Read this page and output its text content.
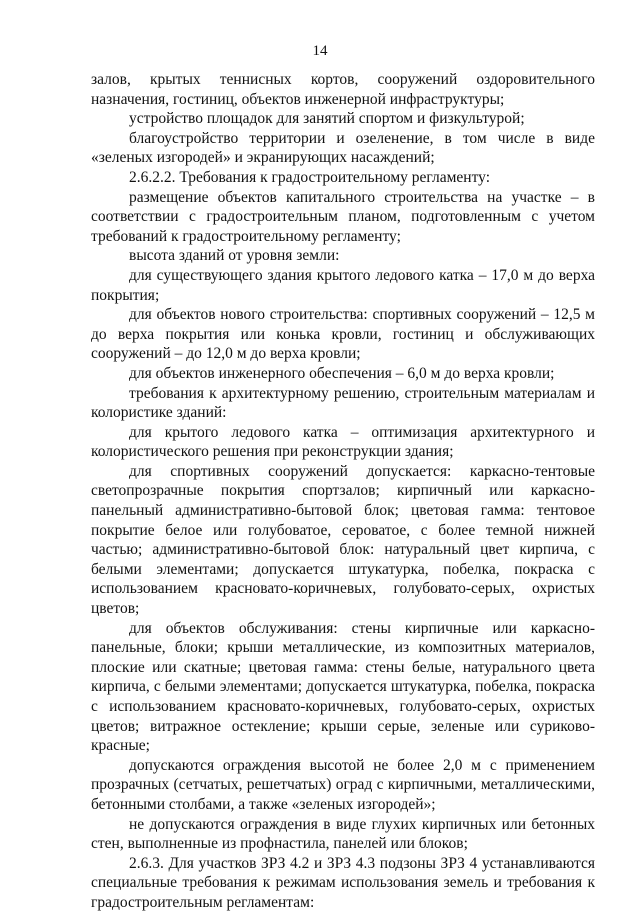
14

залов, крытых теннисных кортов, сооружений оздоровительного назначения, гостиниц, объектов инженерной инфраструктуры;

устройство площадок для занятий спортом и физкультурой;

благоустройство территории и озеленение, в том числе в виде «зеленых изгородей» и экранирующих насаждений;

2.6.2.2. Требования к градостроительному регламенту:

размещение объектов капитального строительства на участке – в соответствии с градостроительным планом, подготовленным с учетом требований к градостроительному регламенту;

высота зданий от уровня земли:

для существующего здания крытого ледового катка – 17,0 м до верха покрытия;

для объектов нового строительства: спортивных сооружений – 12,5 м до верха покрытия или конька кровли, гостиниц и обслуживающих сооружений – до 12,0 м до верха кровли;

для объектов инженерного обеспечения – 6,0 м до верха кровли;

требования к архитектурному решению, строительным материалам и колористике зданий:

для крытого ледового катка – оптимизация архитектурного и колористического решения при реконструкции здания;

для спортивных сооружений допускается: каркасно-тентовые светопрозрачные покрытия спортзалов; кирпичный или каркасно-панельный административно-бытовой блок; цветовая гамма: тентовое покрытие белое или голубоватое, сероватое, с более темной нижней частью; административно-бытовой блок: натуральный цвет кирпича, с белыми элементами; допускается штукатурка, побелка, покраска с использованием красновато-коричневых, голубовато-серых, охристых цветов;

для объектов обслуживания: стены кирпичные или каркасно-панельные, блоки; крыши металлические, из композитных материалов, плоские или скатные; цветовая гамма: стены белые, натурального цвета кирпича, с белыми элементами; допускается штукатурка, побелка, покраска с использованием красновато-коричневых, голубовато-серых, охристых цветов; витражное остекление; крыши серые, зеленые или суриково-красные;

допускаются ограждения высотой не более 2,0 м с применением прозрачных (сетчатых, решетчатых) оград с кирпичными, металлическими, бетонными столбами, а также «зеленых изгородей»;

не допускаются ограждения в виде глухих кирпичных или бетонных стен, выполненные из профнастила, панелей или блоков;

2.6.3. Для участков ЗРЗ 4.2 и ЗРЗ 4.3 подзоны ЗРЗ 4 устанавливаются специальные требования к режимам использования земель и требования к градостроительным регламентам:
